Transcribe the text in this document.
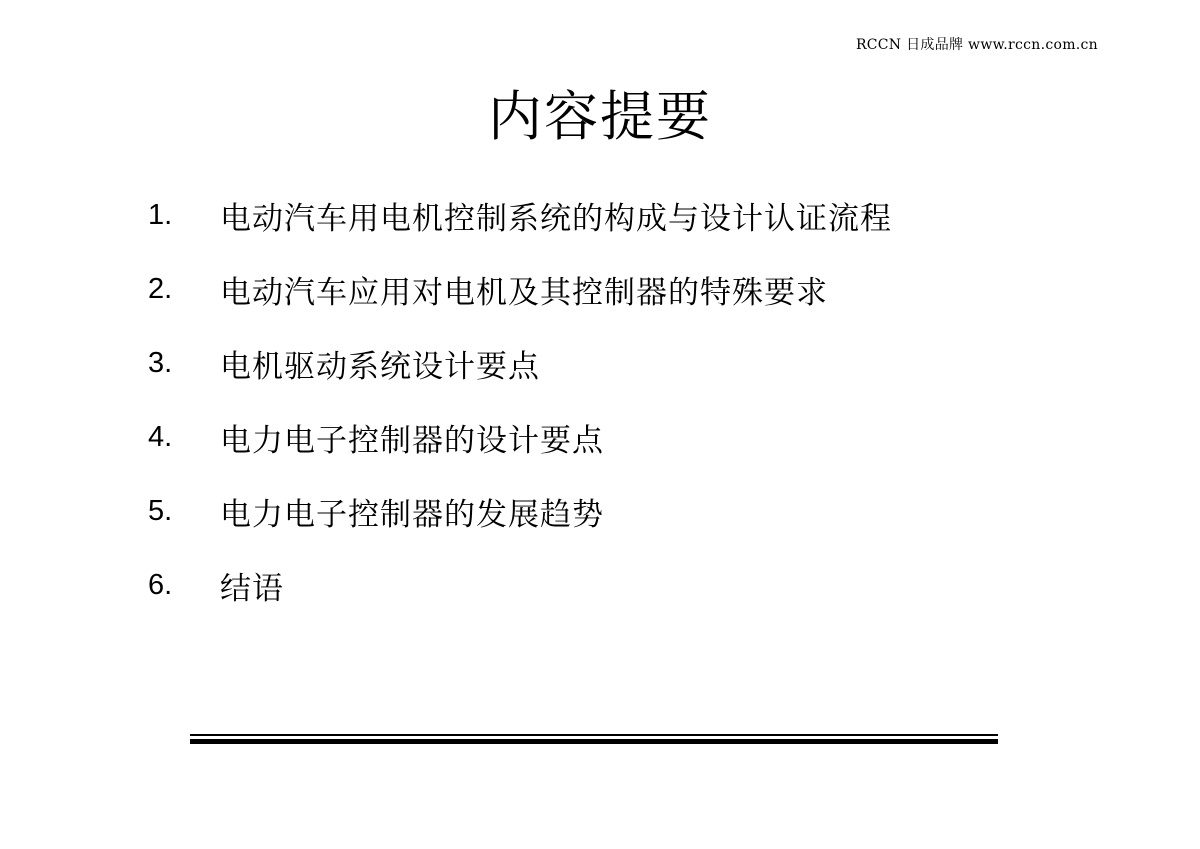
RCCN 日成品牌 www.rccn.com.cn
内容提要
1.	电动汽车用电机控制系统的构成与设计认证流程
2.	电动汽车应用对电机及其控制器的特殊要求
3.	电机驱动系统设计要点
4.	电力电子控制器的设计要点
5.	电力电子控制器的发展趋势
6.	结语
